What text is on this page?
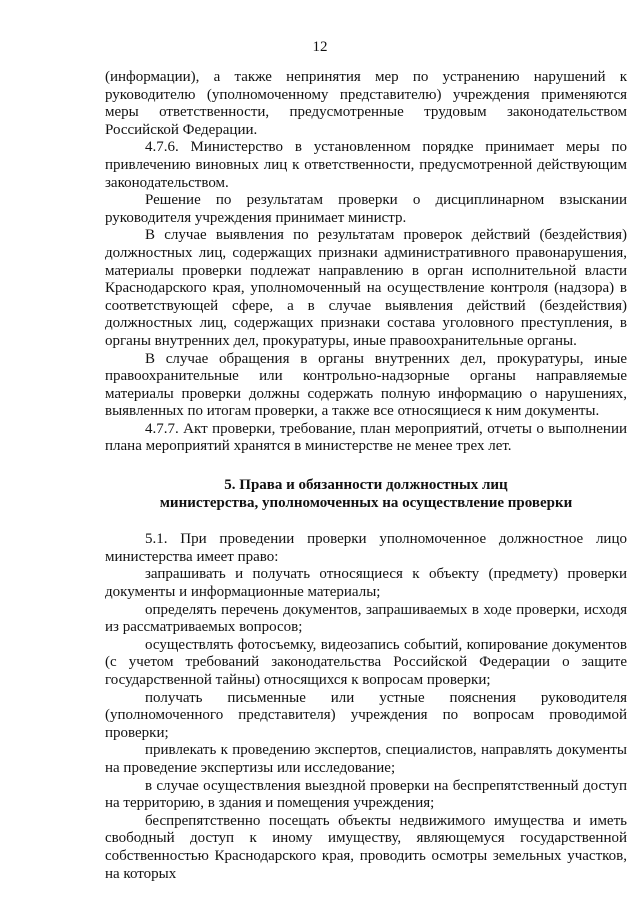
12

(информации), а также непринятия мер по устранению нарушений к руководителю (уполномоченному представителю) учреждения применяются меры ответственности, предусмотренные трудовым законодательством Российской Федерации.

4.7.6. Министерство в установленном порядке принимает меры по привлечению виновных лиц к ответственности, предусмотренной действующим законодательством.

Решение по результатам проверки о дисциплинарном взыскании руководителя учреждения принимает министр.

В случае выявления по результатам проверок действий (бездействия) должностных лиц, содержащих признаки административного правонарушения, материалы проверки подлежат направлению в орган исполнительной власти Краснодарского края, уполномоченный на осуществление контроля (надзора) в соответствующей сфере, а в случае выявления действий (бездействия) должностных лиц, содержащих признаки состава уголовного преступления, в органы внутренних дел, прокуратуры, иные правоохранительные органы.

В случае обращения в органы внутренних дел, прокуратуры, иные правоохранительные или контрольно-надзорные органы направляемые материалы проверки должны содержать полную информацию о нарушениях, выявленных по итогам проверки, а также все относящиеся к ним документы.

4.7.7. Акт проверки, требование, план мероприятий, отчеты о выполнении плана мероприятий хранятся в министерстве не менее трех лет.

5. Права и обязанности должностных лиц
министерства, уполномоченных на осуществление проверки

5.1. При проведении проверки уполномоченное должностное лицо министерства имеет право:

запрашивать и получать относящиеся к объекту (предмету) проверки документы и информационные материалы;

определять перечень документов, запрашиваемых в ходе проверки, исходя из рассматриваемых вопросов;

осуществлять фотосъемку, видеозапись событий, копирование документов (с учетом требований законодательства Российской Федерации о защите государственной тайны) относящихся к вопросам проверки;

получать письменные или устные пояснения руководителя (уполномоченного представителя) учреждения по вопросам проводимой проверки;

привлекать к проведению экспертов, специалистов, направлять документы на проведение экспертизы или исследование;

в случае осуществления выездной проверки на беспрепятственный доступ на территорию, в здания и помещения учреждения;

беспрепятственно посещать объекты недвижимого имущества и иметь свободный доступ к иному имуществу, являющемуся государственной собственностью Краснодарского края, проводить осмотры земельных участков, на которых
